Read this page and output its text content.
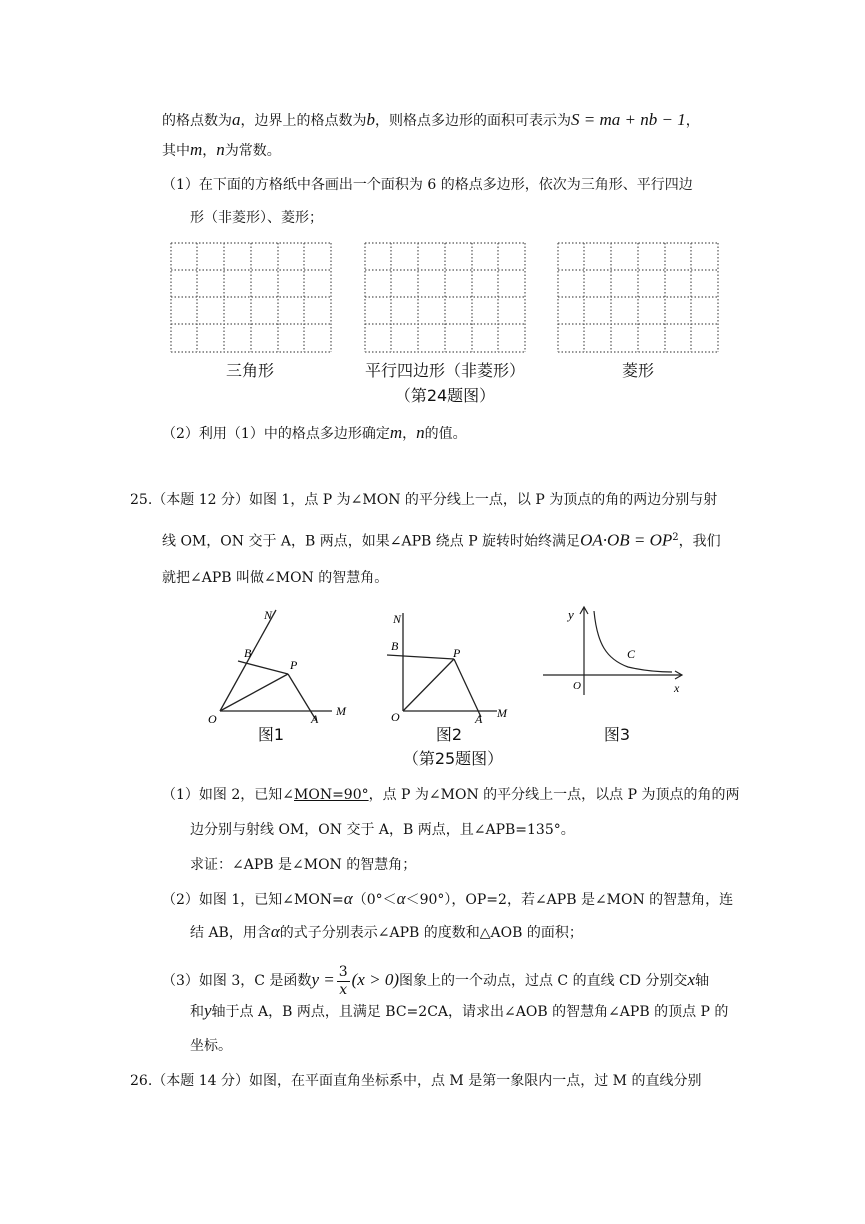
的格点数为a，边界上的格点数为b，则格点多边形的面积可表示为S = ma + nb − 1，
其中m，n为常数。
（1）在下面的方格纸中各画出一个面积为 6 的格点多边形，依次为三角形、平行四边
形（非菱形）、菱形；
三角形	平行四边形（非菱形）	菱形
（第24题图）
（2）利用（1）中的格点多边形确定m，n的值。
25.（本题 12 分）如图 1，点 P 为∠MON 的平分线上一点，以 P 为顶点的角的两边分别与射
线 OM，ON 交于 A，B 两点，如果∠APB 绕点 P 旋转时始终满足$OA\cdot OB = OP^2$，我们
就把∠APB 叫做∠MON 的智慧角。
N
B
P
O	A
M
图1
N
B	P
O	A M
图2
y
C
O	x
图3
（第25题图）
（1）如图 2，已知∠MON=90°，点 P 为∠MON 的平分线上一点，以点 P 为顶点的角的两
边分别与射线 OM，ON 交于 A，B 两点，且∠APB=135°。
求证：∠APB 是∠MON 的智慧角；
（2）如图 1，已知∠MON=α（0°＜α＜90°），OP=2，若∠APB 是∠MON 的智慧角，连
结 AB，用含α的式子分别表示∠APB 的度数和△AOB 的面积；
（3）如图 3，C 是函数$y = \frac{3}{x} (x > 0)$图象上的一个动点，过点 C 的直线 CD 分别交x轴
和y轴于点 A，B 两点，且满足 BC=2CA，请求出∠AOB 的智慧角∠APB 的顶点 P 的
坐标。
26.（本题 14 分）如图，在平面直角坐标系中，点 M 是第一象限内一点，过 M 的直线分别
